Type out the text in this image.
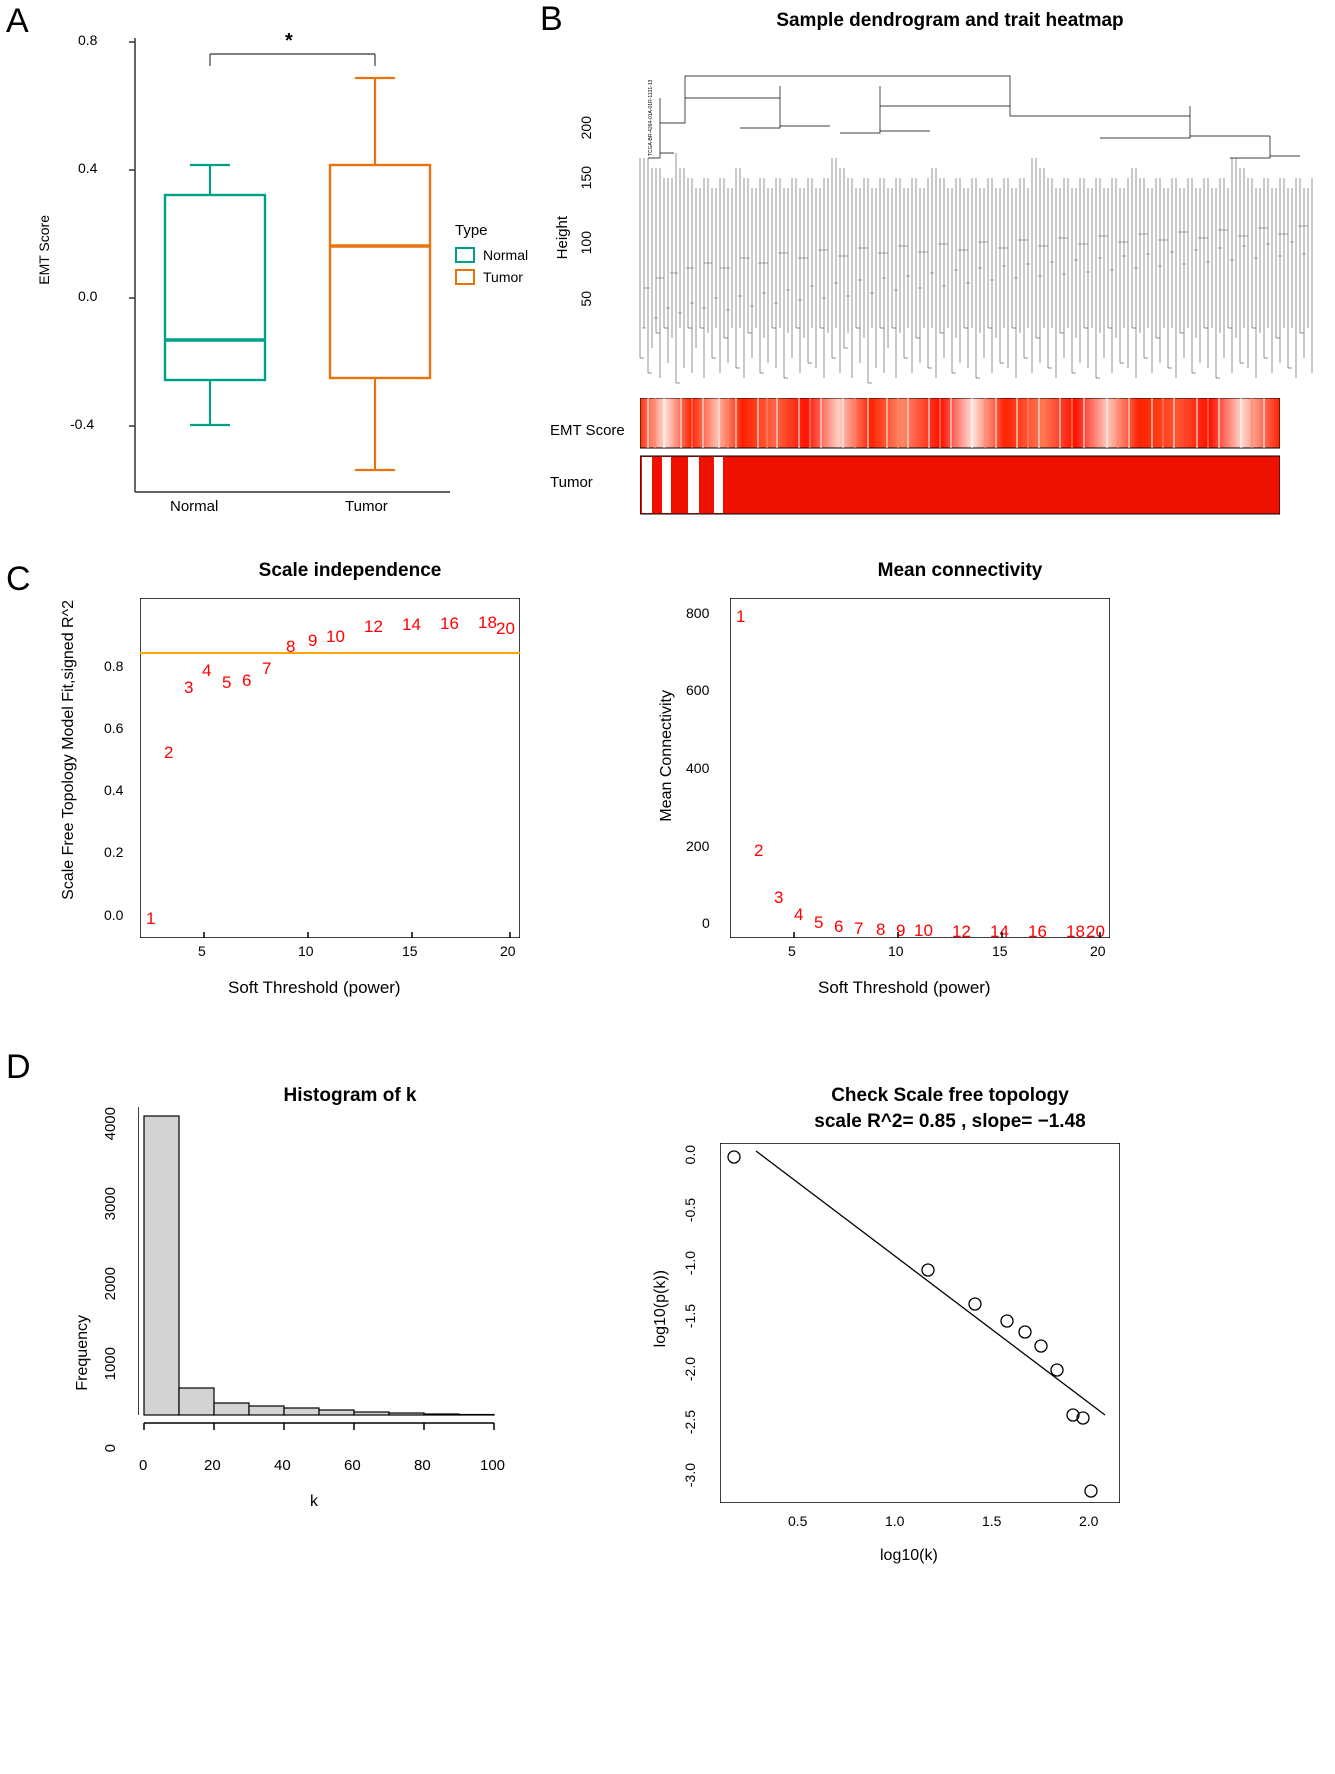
A	0.8
0.4
0.0
-0.4
EMT Score
Normal	Tumor
*
Type
Normal
Tumor
B	Sample dendrogram and trait heatmap
Height
200
150
100
50
TCGA-BR-4264-01A-01R-1131-13
EMT Score
Tumor
C	Scale independence
Scale Free Topology Model Fit,signed R^2
0.0
0.2
0.4
0.6
0.8
1
2
3
4
5 6
7
8 9 10
12 14 16 18 20
5	10	15	20
Soft Threshold (power)
Mean connectivity
Mean Connectivity
0
200
400
600
800 1
2
3
4 5 6 7 8 9 10 12 14 16 18 20
5	10	15	20
Soft Threshold (power)
D
Histogram of k
Frequency
0
1000
2000
3000
4000
0	20	40	60	80	100
k
Check Scale free topology
scale R^2= 0.85 , slope= −1.48
log10(p(k))
0.0
-0.5
-1.0
-1.5
-2.0
-2.5
-3.0
0.5	1.0	1.5	2.0
log10(k)
